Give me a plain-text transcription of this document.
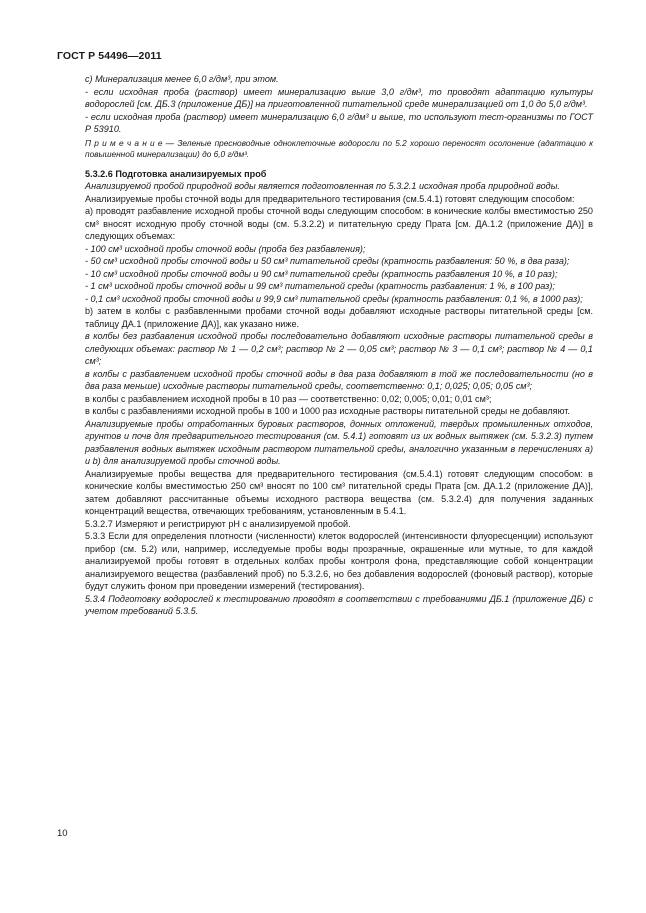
ГОСТ Р 54496—2011

с) Минерализация менее 6,0 г/дм³, при этом.

- если исходная проба (раствор) имеет минерализацию выше 3,0 г/дм³, то проводят адаптацию культуры водорослей [см. ДБ.3 (приложение ДБ)] на приготовленной питательной среде минерализацией от 1,0 до 5,0 г/дм³.

- если исходная проба (раствор) имеет минерализацию 6,0 г/дм³ и выше, то используют тест-организмы по ГОСТ Р 53910.

П р и м е ч а н и е — Зеленые пресноводные одноклеточные водоросли по 5.2 хорошо переносят осолонение (адаптацию к повышенной минерализации) до 6,0 г/дм³.

5.3.2.6 Подготовка анализируемых проб

Анализируемой пробой природной воды является подготовленная по 5.3.2.1 исходная проба природной воды.

Анализируемые пробы сточной воды для предварительного тестирования (см.5.4.1) готовят следующим способом:

а) проводят разбавление исходной пробы сточной воды следующим способом: в конические колбы вместимостью 250 см³ вносят исходную пробу сточной воды (см. 5.3.2.2) и питательную среду Прата [см. ДА.1.2 (приложение ДА)] в следующих объемах:

- 100 см³ исходной пробы сточной воды (проба без разбавления);

- 50 см³ исходной пробы сточной воды и 50 см³ питательной среды (кратность разбавления: 50 %, в два раза);

- 10 см³ исходной пробы сточной воды и 90 см³ питательной среды (кратность разбавления 10 %, в 10 раз);

- 1 см³ исходной пробы сточной воды и 99 см³ питательной среды (кратность разбавления: 1 %, в 100 раз);

- 0,1 см³ исходной пробы сточной воды и 99,9 см³ питательной среды (кратность разбавления: 0,1 %, в 1000 раз);

b) затем в колбы с разбавленными пробами сточной воды добавляют исходные растворы питательной среды [см. таблицу ДА.1 (приложение ДА)], как указано ниже.

в колбы без разбавления исходной пробы последовательно добавляют исходные растворы питательной среды в следующих объемах: раствор № 1 — 0,2 см³; раствор № 2 — 0,05 см³; раствор № 3 — 0,1 см³; раствор № 4 — 0,1 см³;

в колбы с разбавлением исходной пробы сточной воды в два раза добавляют в той же последовательности (но в два раза меньше) исходные растворы питательной среды, соответственно: 0,1; 0,025; 0,05; 0,05 см³;

в колбы с разбавлением исходной пробы в 10 раз — соответственно: 0,02; 0,005; 0,01; 0,01 см³;

в колбы с разбавлениями исходной пробы в 100 и 1000 раз исходные растворы питательной среды не добавляют.

Анализируемые пробы отработанных буровых растворов, донных отложений, твердых промышленных отходов, грунтов и почв для предварительного тестирования (см. 5.4.1) готовят из их водных вытяжек (см. 5.3.2.3) путем разбавления водных вытяжек исходным раствором питательной среды, аналогично указанным в перечислениях а) и b) для анализируемой пробы сточной воды.

Анализируемые пробы вещества для предварительного тестирования (см.5.4.1) готовят следующим способом: в конические колбы вместимостью 250 см³ вносят по 100 см³ питательной среды Прата [см. ДА.1.2 (приложение ДА)], затем добавляют рассчитанные объемы исходного раствора вещества (см. 5.3.2.4) для получения заданных концентраций вещества, отвечающих требованиям, установленным в 5.4.1.

5.3.2.7 Измеряют и регистрируют pH с анализируемой пробой.

5.3.3 Если для определения плотности (численности) клеток водорослей (интенсивности флуоресценции) используют прибор (см. 5.2) или, например, исследуемые пробы воды прозрачные, окрашенные или мутные, то для каждой анализируемой пробы готовят в отдельных колбах пробы контроля фона, представляющие собой концентрации анализируемого вещества (разбавлений проб) по 5.3.2.6, но без добавления водорослей (фоновый раствор), которые будут служить фоном при проведении измерений (тестирования).

5.3.4 Подготовку водорослей к тестированию проводят в соответствии с требованиями ДБ.1 (приложение ДБ) с учетом требований 5.3.5.

10
